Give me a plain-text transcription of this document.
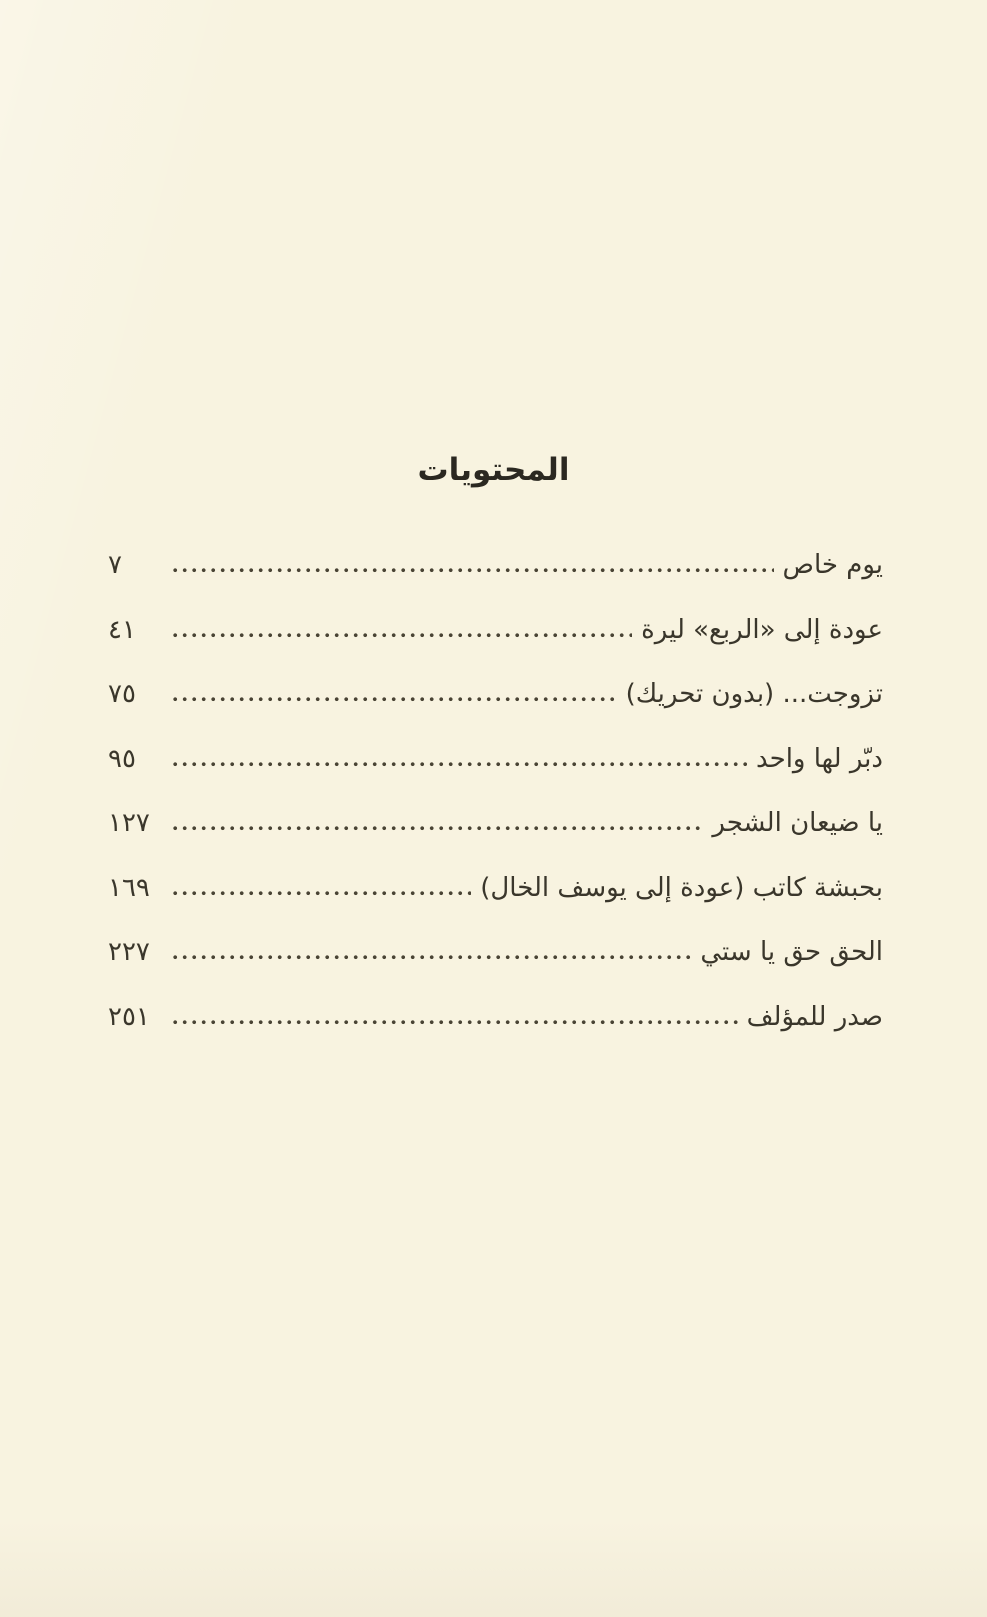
المحتويات
يوم خاص
٧
عودة إلى «الربع» ليرة
٤١
تزوجت... (بدون تحريك)
٧٥
دبّر لها واحد
٩٥
يا ضيعان الشجر
١٢٧
بحبشة كاتب (عودة إلى يوسف الخال)
١٦٩
الحق حق يا ستي
٢٢٧
صدر للمؤلف
٢٥١
